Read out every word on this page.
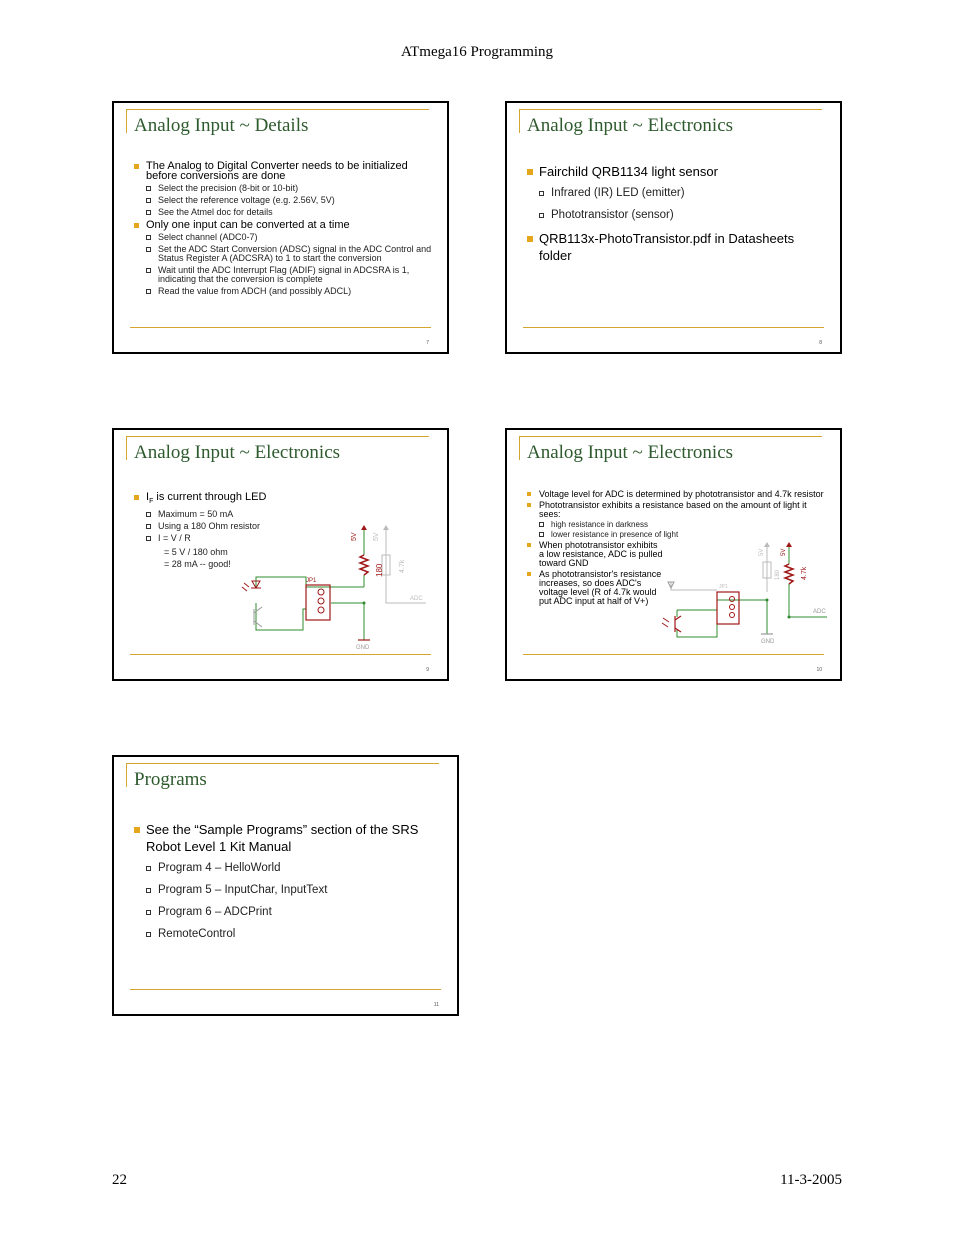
ATmega16 Programming
Analog Input ~ Details
The Analog to Digital Converter needs to be initialized before conversions are done
Select the precision (8-bit or 10-bit)
Select the reference voltage (e.g. 2.56V, 5V)
See the Atmel doc for details
Only one input can be converted at a time
Select channel (ADC0-7)
Set the ADC Start Conversion (ADSC) signal in the ADC Control and Status Register A (ADCSRA) to 1 to start the conversion
Wait until the ADC Interrupt Flag (ADIF) signal in ADCSRA is 1, indicating that the conversion is complete
Read the value from ADCH (and possibly ADCL)
7
Analog Input ~ Electronics
Fairchild QRB1134 light sensor
Infrared (IR) LED (emitter)
Phototransistor (sensor)
QRB113x-PhotoTransistor.pdf in Datasheets folder
8
Analog Input ~ Electronics
$I_F$ is current through LED
Maximum = 50 mA
Using a 180 Ohm resistor
I = V / R
= 5 V / 180 ohm
= 28 mA -- good!
5V 5V
180 4.7k
JP1
ADC
GND
9
Analog Input ~ Electronics
Voltage level for ADC is determined by phototransistor and 4.7k resistor
Phototransistor exhibits a resistance based on the amount of light it sees:
high resistance in darkness
lower resistance in presence of light
When phototransistor exhibits a low resistance, ADC is pulled toward GND
As phototransistor's resistance increases, so does ADC's voltage level (R of 4.7k would put ADC input at half of V+)
5V	5V
180	4.7k
JP1
ADC
GND
10
Programs
See the “Sample Programs” section of the SRS Robot Level 1 Kit Manual
Program 4 – HelloWorld
Program 5 – InputChar, InputText
Program 6 – ADCPrint
RemoteControl
11
22	11-3-2005
